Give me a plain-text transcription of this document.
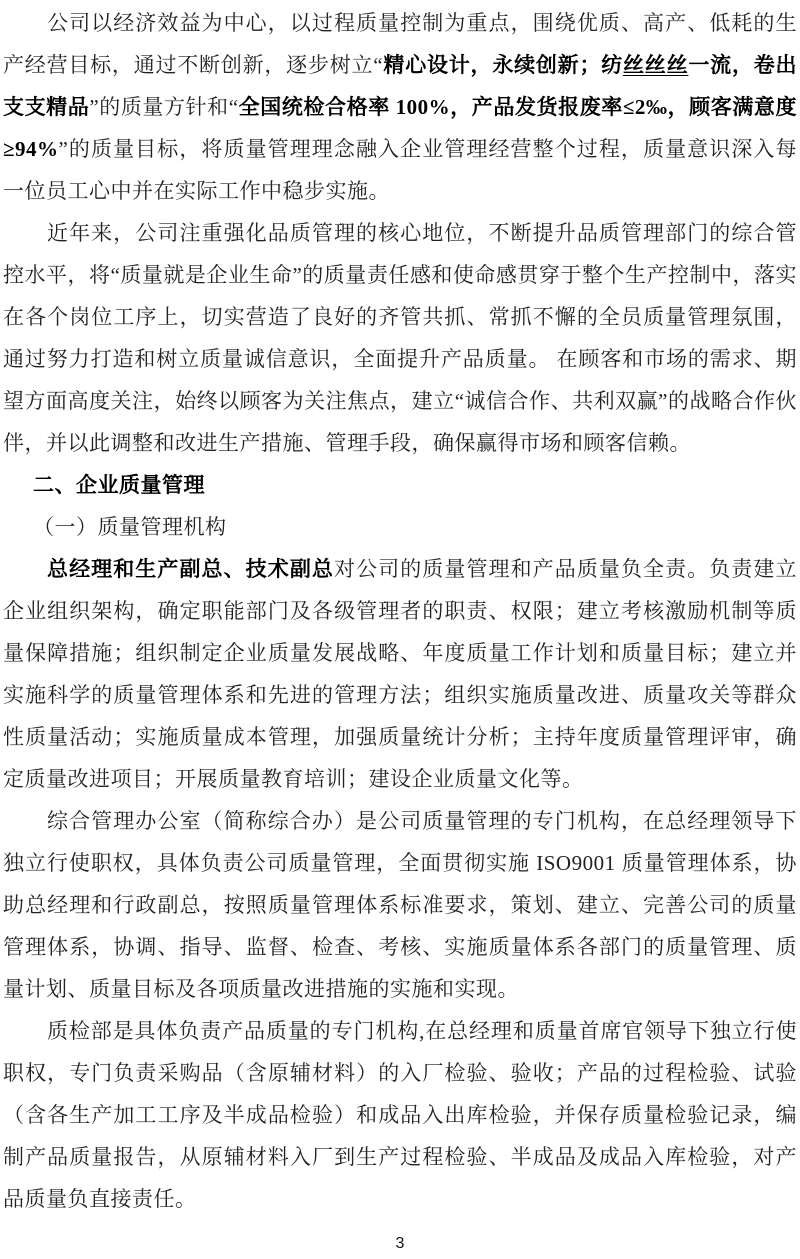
公司以经济效益为中心，以过程质量控制为重点，围绕优质、高产、低耗的生产经营目标，通过不断创新，逐步树立“精心设计，永续创新；纺丝丝丝一流，卷出支支精品”的质量方针和“全国统检合格率 100%，产品发货报废率≤2‰，顾客满意度≥94%”的质量目标，将质量管理理念融入企业管理经营整个过程，质量意识深入每一位员工心中并在实际工作中稳步实施。

近年来，公司注重强化品质管理的核心地位，不断提升品质管理部门的综合管控水平，将“质量就是企业生命”的质量责任感和使命感贯穿于整个生产控制中，落实在各个岗位工序上，切实营造了良好的齐管共抓、常抓不懈的全员质量管理氛围，通过努力打造和树立质量诚信意识，全面提升产品质量。 在顾客和市场的需求、期望方面高度关注，始终以顾客为关注焦点，建立“诚信合作、共利双赢”的战略合作伙伴，并以此调整和改进生产措施、管理手段，确保赢得市场和顾客信赖。

二、企业质量管理

（一）质量管理机构

总经理和生产副总、技术副总对公司的质量管理和产品质量负全责。负责建立企业组织架构，确定职能部门及各级管理者的职责、权限；建立考核激励机制等质量保障措施；组织制定企业质量发展战略、年度质量工作计划和质量目标；建立并实施科学的质量管理体系和先进的管理方法；组织实施质量改进、质量攻关等群众性质量活动；实施质量成本管理，加强质量统计分析；主持年度质量管理评审，确定质量改进项目；开展质量教育培训；建设企业质量文化等。

综合管理办公室（简称综合办）是公司质量管理的专门机构，在总经理领导下独立行使职权，具体负责公司质量管理，全面贯彻实施 ISO9001 质量管理体系，协助总经理和行政副总，按照质量管理体系标准要求，策划、建立、完善公司的质量管理体系，协调、指导、监督、检查、考核、实施质量体系各部门的质量管理、质量计划、质量目标及各项质量改进措施的实施和实现。

质检部是具体负责产品质量的专门机构,在总经理和质量首席官领导下独立行使职权，专门负责采购品（含原辅材料）的入厂检验、验收；产品的过程检验、试验（含各生产加工工序及半成品检验）和成品入出库检验，并保存质量检验记录，编制产品质量报告，从原辅材料入厂到生产过程检验、半成品及成品入库检验，对产品质量负直接责任。

3
